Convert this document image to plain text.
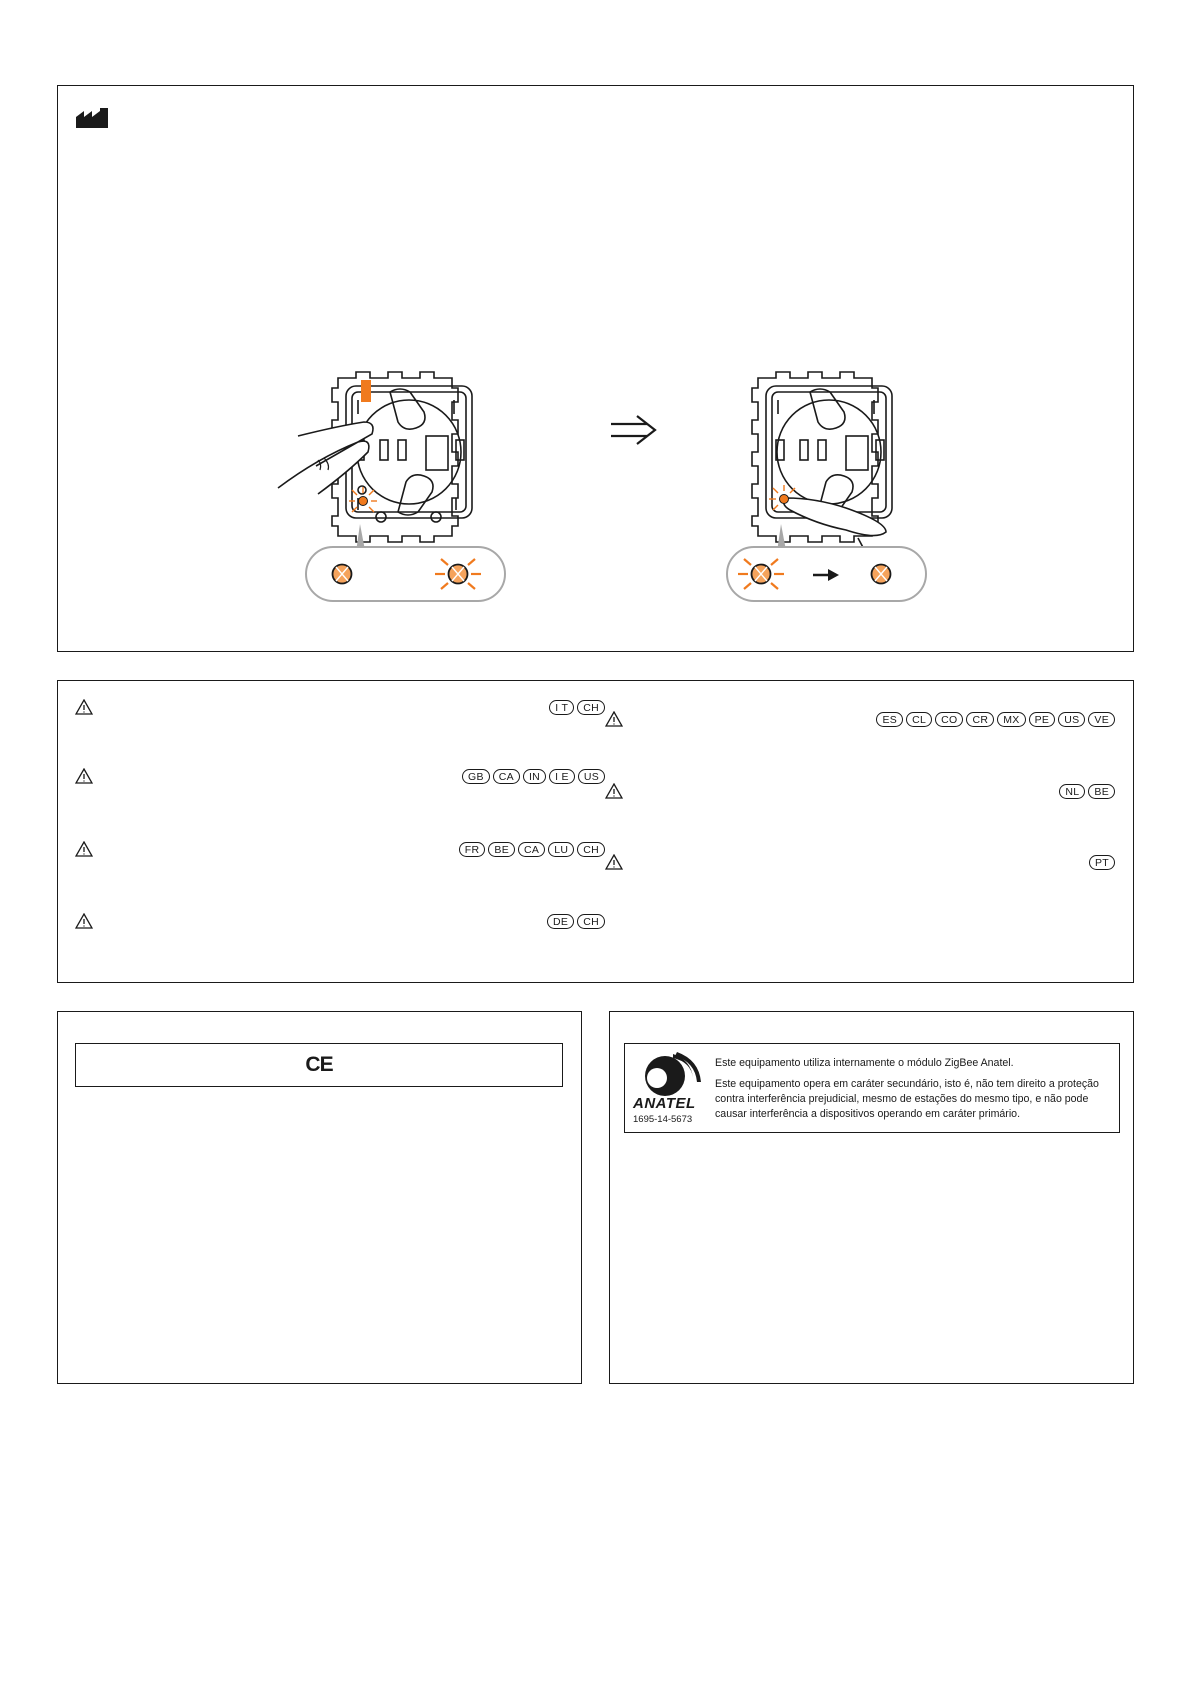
I T	CH
GB	CA	IN	I E	US
FR	BE	CA	LU	CH
DE	CH
ES	CL	CO	CR	MX	PE	US	VE
NL	BE
PT
CE
ANATEL
1695-14-5673

Este equipamento utiliza internamente o módulo ZigBee Anatel.

Este equipamento opera em caráter secundário, isto é, não tem direito a proteção contra interferência prejudicial, mesmo de estações do mesmo tipo, e não pode causar interferência a dispositivos operando em caráter primário.
